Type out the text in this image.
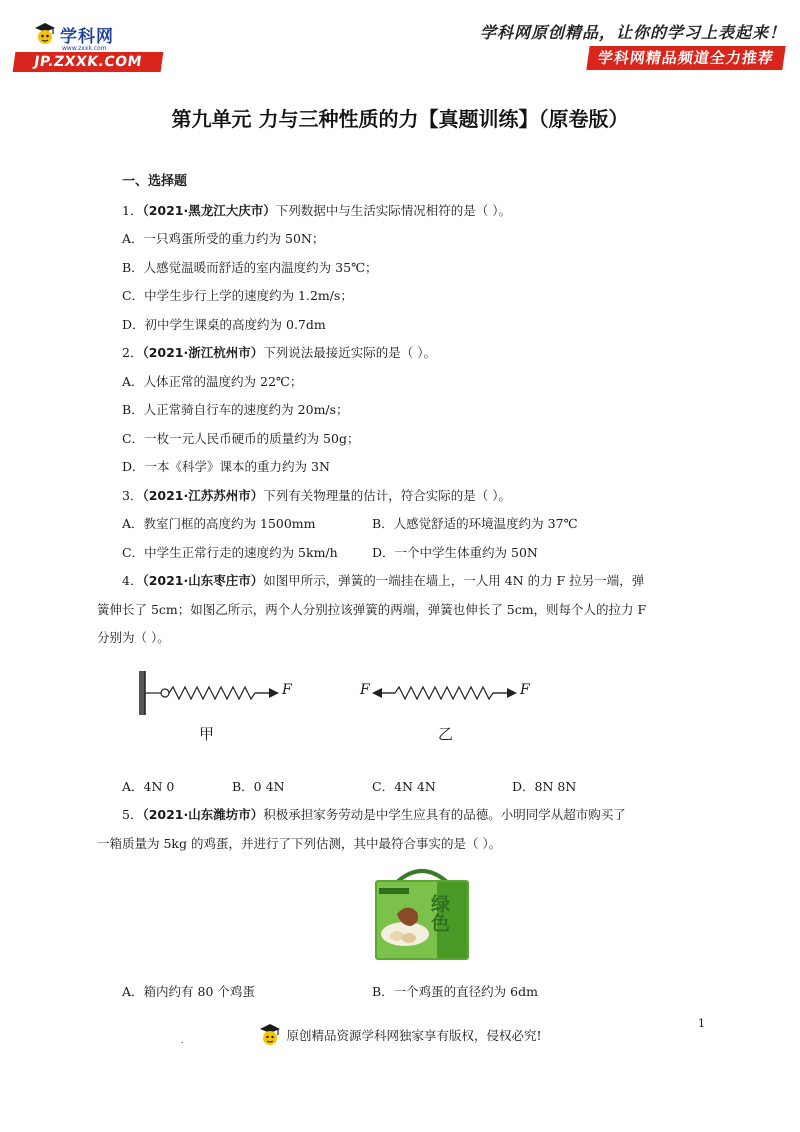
学科网
www.zxxk.com
JP.ZXXK.COM
学科网原创精品，让你的学习上表起来！
学科网精品频道全力推荐
第九单元 力与三种性质的力【真题训练】（原卷版）
一、选择题
1．（2021·黑龙江大庆市）下列数据中与生活实际情况相符的是（ ）。
A．一只鸡蛋所受的重力约为 50N；
B．人感觉温暖而舒适的室内温度约为 35℃；
C．中学生步行上学的速度约为 1.2m/s；
D．初中学生课桌的高度约为 0.7dm
2．（2021·浙江杭州市）下列说法最接近实际的是（ ）。
A．人体正常的温度约为 22℃；
B．人正常骑自行车的速度约为 20m/s；
C．一枚一元人民币硬币的质量约为 50g；
D．一本《科学》课本的重力约为 3N
3．（2021·江苏苏州市）下列有关物理量的估计，符合实际的是（ ）。
A．教室门框的高度约为 1500mm	B．人感觉舒适的环境温度约为 37℃
C．中学生正常行走的速度约为 5km/h	D．一个中学生体重约为 50N
4．（2021·山东枣庄市）如图甲所示，弹簧的一端挂在墙上，一人用 4N 的力 F 拉另一端，弹
簧伸长了 5cm；如图乙所示，两个人分别拉该弹簧的两端，弹簧也伸长了 5cm，则每个人的拉力 F
分别为（ ）。
F	F	F
甲	乙
A．4N 0	B．0 4N	C．4N 4N	D．8N 8N
5．（2021·山东潍坊市）积极承担家务劳动是中学生应具有的品德。小明同学从超市购买了
一箱质量为 5kg 的鸡蛋，并进行了下列估测，其中最符合事实的是（ ）。
绿色
A．箱内约有 80 个鸡蛋	B．一个鸡蛋的直径约为 6dm
1
.	原创精品资源学科网独家享有版权，侵权必究!
